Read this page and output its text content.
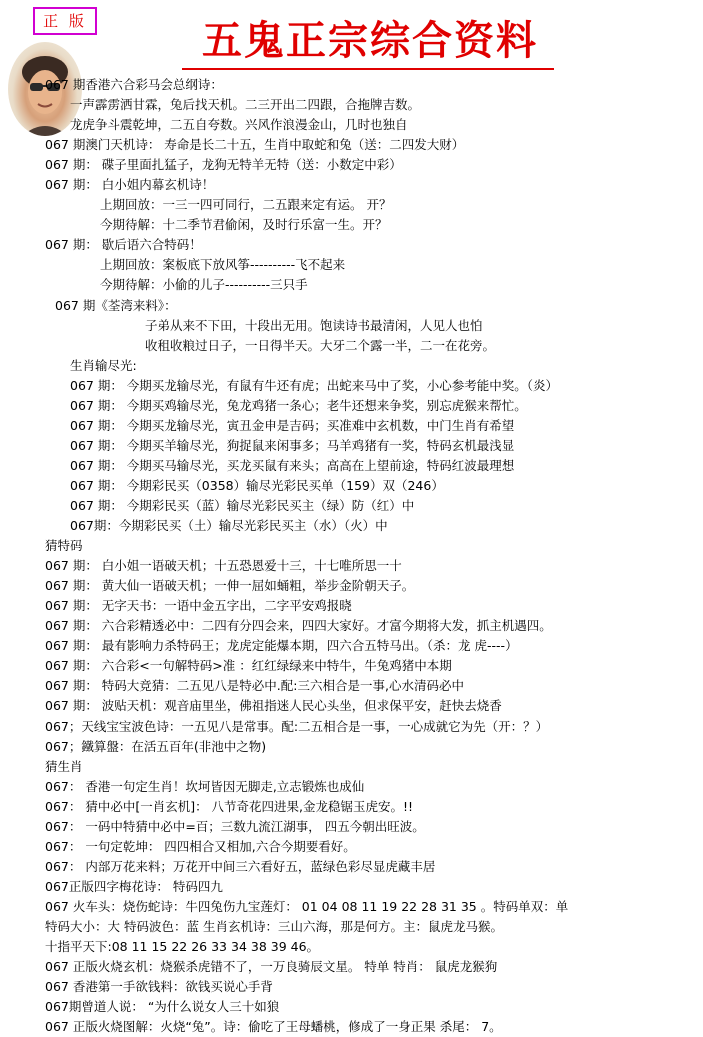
正 版	五鬼正宗综合资料
067 期香港六合彩马会总纲诗：
一声霹雳洒甘霖，兔后找天机。二三开出二四跟，合拖牌吉数。
龙虎争斗震乾坤，二五自夸数。兴风作浪漫金山，几时也独自
067 期澳门天机诗： 寿命是长二十五，生肖中取蛇和兔（送：二四发大财）
067 期： 碟子里面扎猛子，龙狗无特羊无特（送：小数定中彩）
067 期： 白小姐内幕玄机诗！
上期回放：一三一四可同行，二五跟来定有运。 开？
今期待解：十二季节君偷闲，及时行乐富一生。开？
067 期： 歇后语六合特码！
上期回放：案板底下放风筝----------飞不起来
今期待解：小偷的儿子----------三只手
067 期《荃湾来料》：
子弟从来不下田，十段出无用。饱读诗书最清闲，人见人也怕
收租收粮过日子，一日得半天。大牙二个露一半，二一在花旁。
生肖输尽光:
067 期： 今期买龙输尽光，有鼠有牛还有虎；出蛇来马中了奖，小心参考能中奖。（炎）
067 期： 今期买鸡输尽光，兔龙鸡猪一条心；老牛还想来争奖，别忘虎猴来帮忙。
067 期： 今期买龙输尽光，寅丑金申是吉码；买准难中玄机数，中门生肖有希望
067 期： 今期买羊输尽光，狗捉鼠来闲事多；马羊鸡猪有一奖，特码玄机最浅显
067 期： 今期买马输尽光，买龙买鼠有来头；高高在上望前途，特码红波最理想
067 期： 今期彩民买（0358）输尽光彩民买单（159）双（246）
067 期： 今期彩民买（蓝）输尽光彩民买主（绿）防（红）中
067期：今期彩民买（土）输尽光彩民买主（水）（火）中
猜特码
067 期： 白小姐一语破天机；十五恐恩爱十三，十七唯所思一十
067 期： 黄大仙一语破天机；一伸一屈如蛹粗，举步金阶朝天子。
067 期： 无字天书：一语中金五字出，二字平安鸡报晓
067 期： 六合彩精透必中：二四有分四会来，四四大家好。才富今期将大发，抓主机遇四。
067 期： 最有影响力杀特码王；龙虎定能爆本期，四六合五特马出。（杀：龙 虎----）
067 期： 六合彩<一句解特码>准 ：红红绿绿来中特牛，牛兔鸡猪中本期
067 期： 特码大竞猜：二五见八是特必中.配:三六相合是一事,心水清码必中
067 期： 波贴天机：观音庙里坐，佛祖指迷人民心头坐，但求保平安，赶快去烧香
067；天线宝宝波色诗：一五见八是常事。配:二五相合是一事，一心成就它为先（开：？）
067；鐵算盤：在活五百年(非池中之物)
猜生肖
067： 香港一句定生肖！坎坷皆因无脚走,立志锻炼也成仙
067： 猜中必中[一肖玄机]： 八节奇花四进果,金龙稳锯玉虎安。!!
067： 一码中特猜中必中=百；三数九流江湖事， 四五今朝出旺波。
067： 一句定乾坤： 四四相合又相加,六合今期要看好。
067： 内部万花来料；万花开中间三六看好五，蓝绿色彩尽显虎藏丰居
067正版四字梅花诗： 特码四九
067 火车头：烧伤蛇诗：牛四兔伤九宝莲灯： 01 04 08 11 19 22 28 31 35 。特码单双：单
特码大小：大 特码波色：蓝 生肖玄机诗：三山六海，那是何方。主：鼠虎龙马猴。
十指平天下:08 11 15 22 26 33 34 38 39 46。
067 正版火烧玄机：烧猴杀虎错不了，一万良骑辰文星。 特单 特肖： 鼠虎龙猴狗
067 香港第一手欲钱料：欲钱买说心手背
067期曾道人说： “为什么说女人三十如狼
067 正版火烧图解：火烧“兔”。诗：偷吃了王母蟠桃，修成了一身正果 杀尾： 7。
